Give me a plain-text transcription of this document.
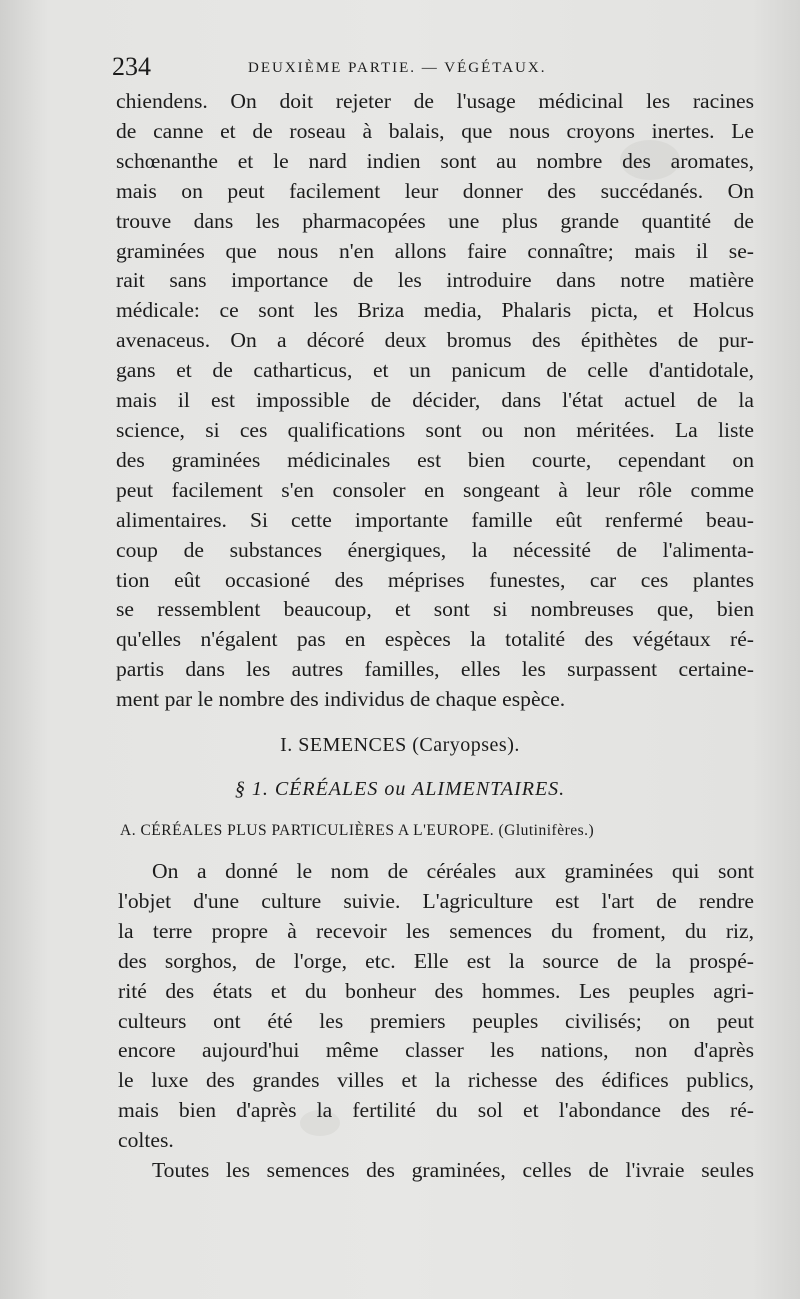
234	DEUXIÈME PARTIE. — VÉGÉTAUX.
chiendens. On doit rejeter de l'usage médicinal les racines
de canne et de roseau à balais, que nous croyons inertes. Le
schœnanthe et le nard indien sont au nombre des aromates,
mais on peut facilement leur donner des succédanés. On
trouve dans les pharmacopées une plus grande quantité de
graminées que nous n'en allons faire connaître; mais il se-
rait sans importance de les introduire dans notre matière
médicale: ce sont les Briza media, Phalaris picta, et Holcus
avenaceus. On a décoré deux bromus des épithètes de pur-
gans et de catharticus, et un panicum de celle d'antidotale,
mais il est impossible de décider, dans l'état actuel de la
science, si ces qualifications sont ou non méritées. La liste
des graminées médicinales est bien courte, cependant on
peut facilement s'en consoler en songeant à leur rôle comme
alimentaires. Si cette importante famille eût renfermé beau-
coup de substances énergiques, la nécessité de l'alimenta-
tion eût occasioné des méprises funestes, car ces plantes
se ressemblent beaucoup, et sont si nombreuses que, bien
qu'elles n'égalent pas en espèces la totalité des végétaux ré-
partis dans les autres familles, elles les surpassent certaine-
ment par le nombre des individus de chaque espèce.
I. SEMENCES (Caryopses).
§ 1. CÉRÉALES ou ALIMENTAIRES.
A. CÉRÉALES PLUS PARTICULIÈRES A L'EUROPE. (Glutinifères.)
On a donné le nom de céréales aux graminées qui sont
l'objet d'une culture suivie. L'agriculture est l'art de rendre
la terre propre à recevoir les semences du froment, du riz,
des sorghos, de l'orge, etc. Elle est la source de la prospé-
rité des états et du bonheur des hommes. Les peuples agri-
culteurs ont été les premiers peuples civilisés; on peut
encore aujourd'hui même classer les nations, non d'après
le luxe des grandes villes et la richesse des édifices publics,
mais bien d'après la fertilité du sol et l'abondance des ré-
coltes.
Toutes les semences des graminées, celles de l'ivraie seules
